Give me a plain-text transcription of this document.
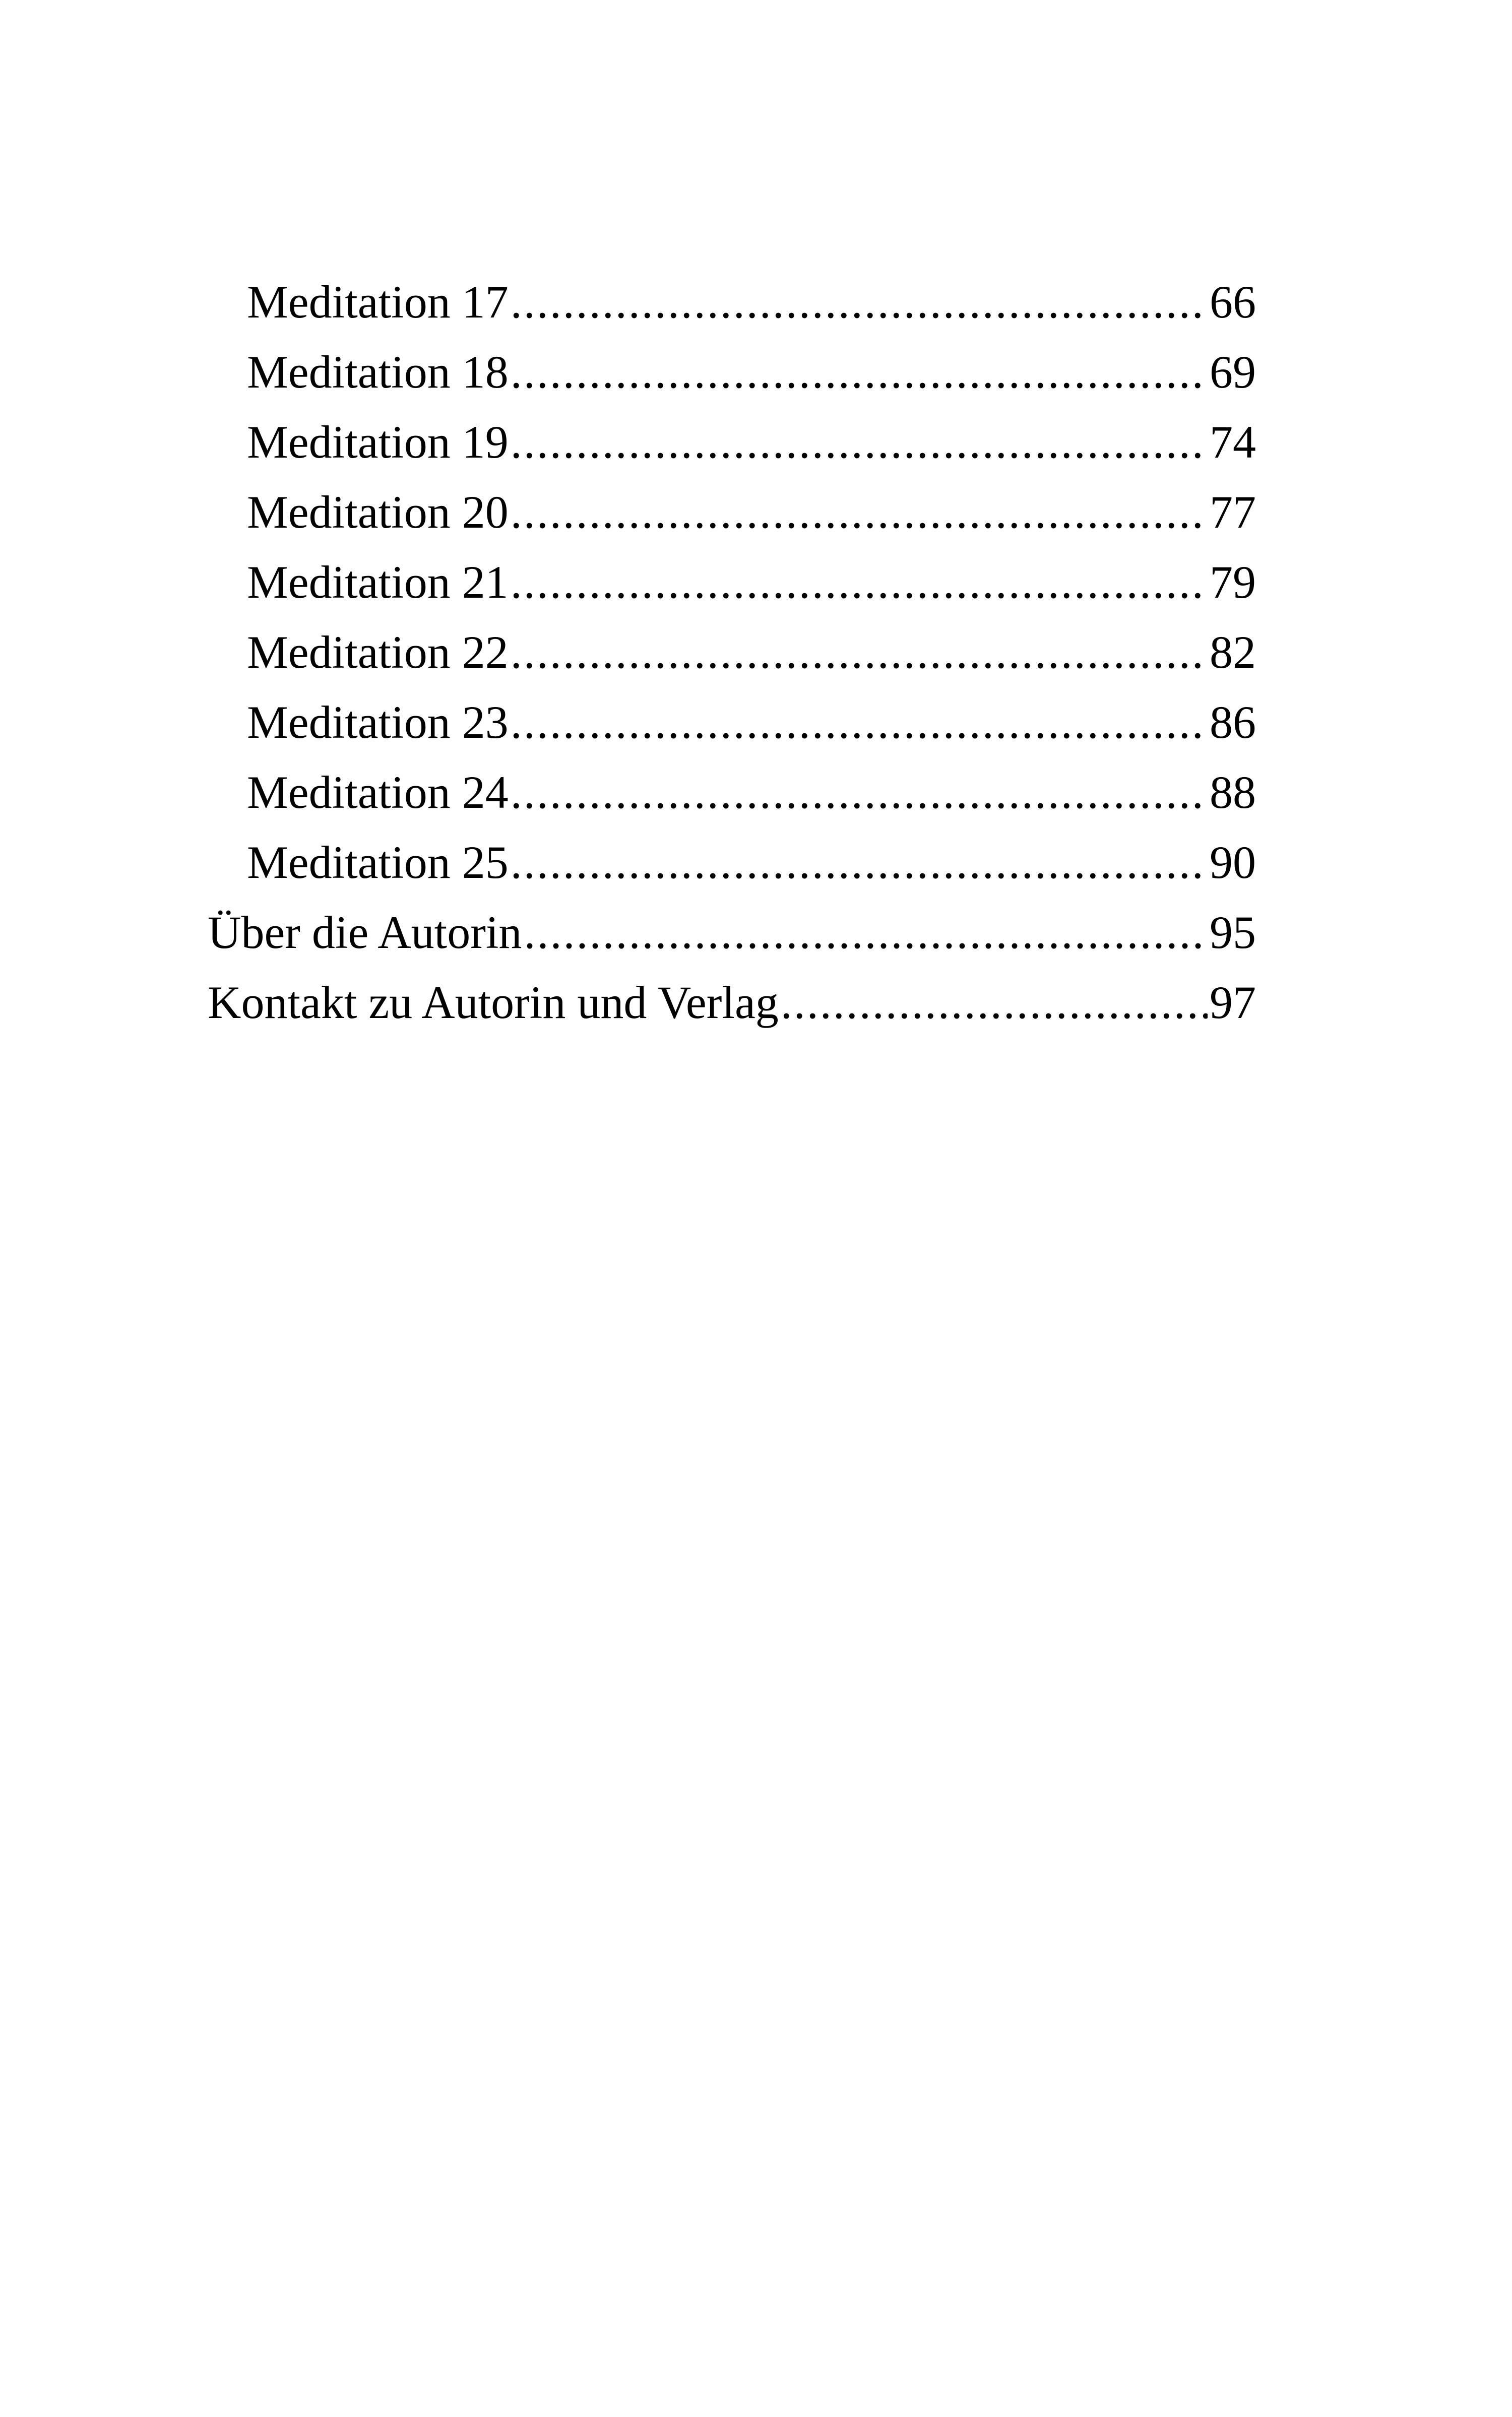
Meditation 17 .....	66
Meditation 18 .....	69
Meditation 19 .....	74
Meditation 20 .....	77
Meditation 21 .....	79
Meditation 22 .....	82
Meditation 23 .....	86
Meditation 24 .....	88
Meditation 25 .....	90
Über die Autorin .....	95
Kontakt zu Autorin und Verlag .....	97
